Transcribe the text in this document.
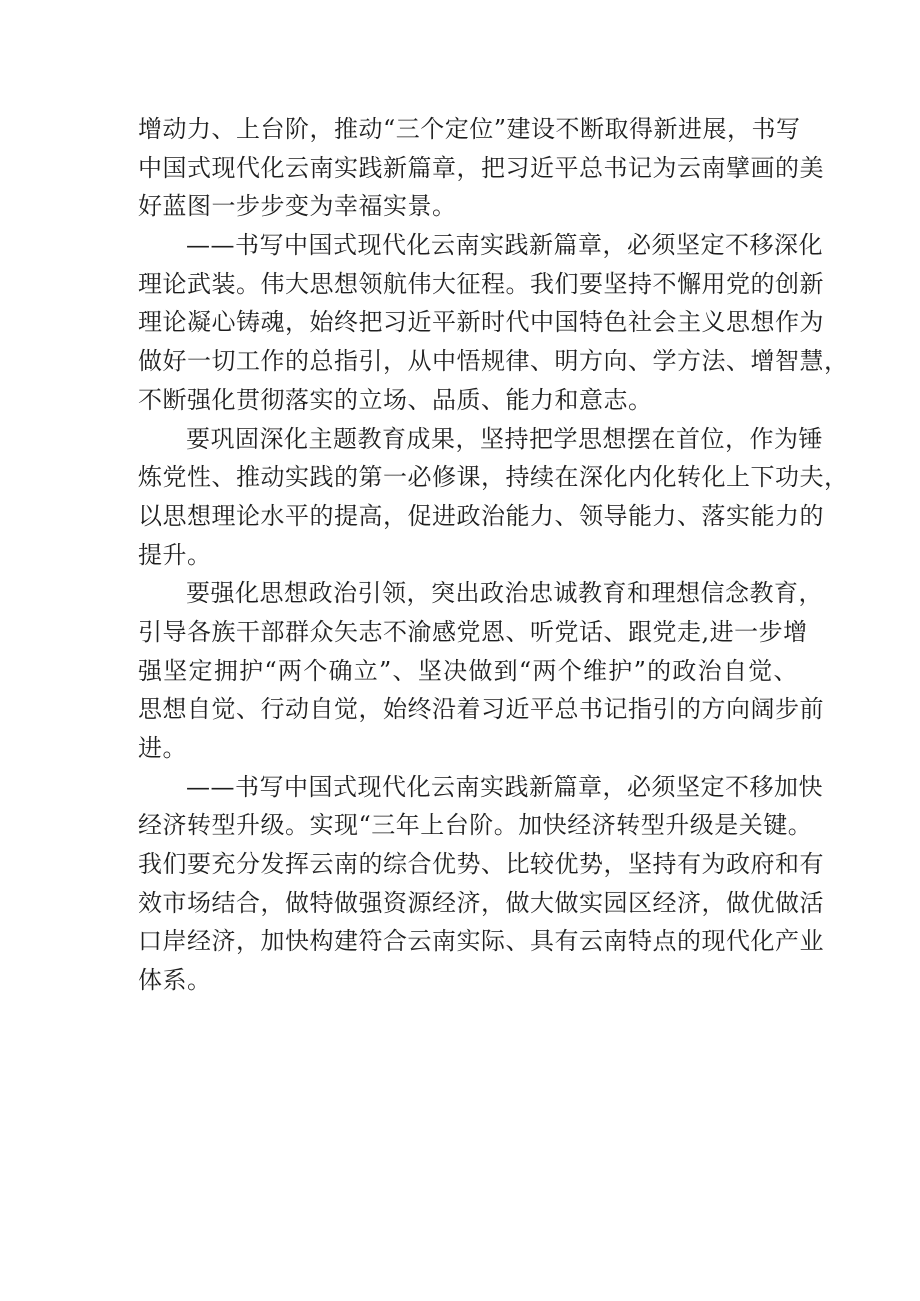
增动力、上台阶，推动“三个定位”建设不断取得新进展，书写
中国式现代化云南实践新篇章，把习近平总书记为云南擘画的美
好蓝图一步步变为幸福实景。
——书写中国式现代化云南实践新篇章，必须坚定不移深化
理论武装。伟大思想领航伟大征程。我们要坚持不懈用党的创新
理论凝心铸魂，始终把习近平新时代中国特色社会主义思想作为
做好一切工作的总指引，从中悟规律、明方向、学方法、增智慧，
不断强化贯彻落实的立场、品质、能力和意志。
要巩固深化主题教育成果，坚持把学思想摆在首位，作为锤
炼党性、推动实践的第一必修课，持续在深化内化转化上下功夫，
以思想理论水平的提高，促进政治能力、领导能力、落实能力的
提升。
要强化思想政治引领，突出政治忠诚教育和理想信念教育，
引导各族干部群众矢志不渝感党恩、听党话、跟党走,进一步增
强坚定拥护“两个确立”、坚决做到“两个维护”的政治自觉、
思想自觉、行动自觉，始终沿着习近平总书记指引的方向阔步前
进。
——书写中国式现代化云南实践新篇章，必须坚定不移加快
经济转型升级。实现“三年上台阶。加快经济转型升级是关键。
我们要充分发挥云南的综合优势、比较优势，坚持有为政府和有
效市场结合，做特做强资源经济，做大做实园区经济，做优做活
口岸经济，加快构建符合云南实际、具有云南特点的现代化产业
体系。
